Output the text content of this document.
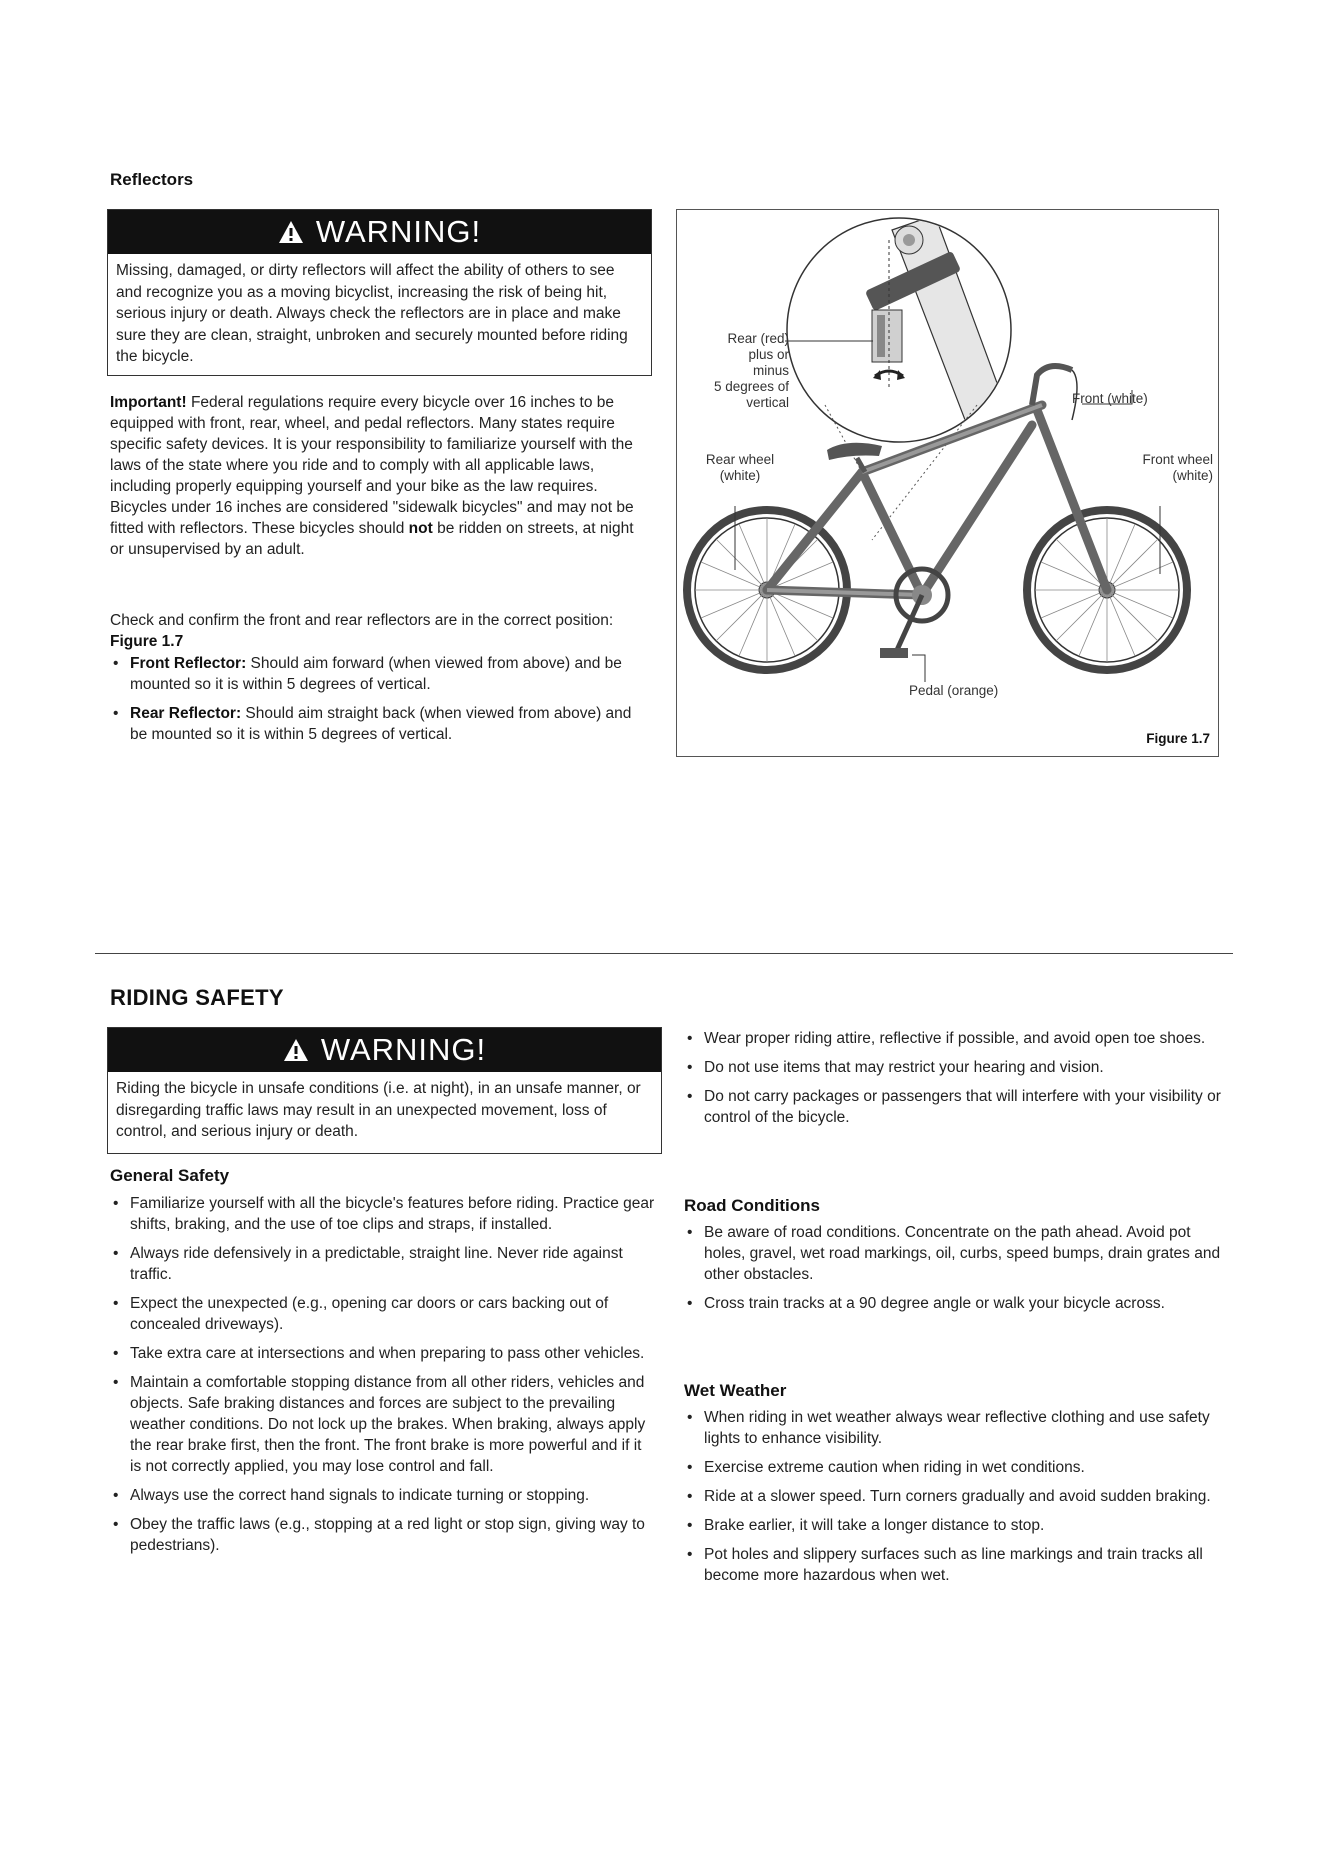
Reflectors
WARNING!
Missing, damaged, or dirty reflectors will affect the ability of others to see and recognize you as a moving bicyclist, increasing the risk of being hit, serious injury or death. Always check the reflectors are in place and make sure they are clean, straight, unbroken and securely mounted before riding the bicycle.
Important! Federal regulations require every bicycle over 16 inches to be equipped with front, rear, wheel, and pedal reflectors. Many states require specific safety devices. It is your responsibility to familiarize yourself with the laws of the state where you ride and to comply with all applicable laws, including properly equipping yourself and your bike as the law requires. Bicycles under 16 inches are considered "sidewalk bicycles" and may not be fitted with reflectors. These bicycles should not be ridden on streets, at night or unsupervised by an adult.
Check and confirm the front and rear reflectors are in the correct position: Figure 1.7
• Front Reflector: Should aim forward (when viewed from above) and be mounted so it is within 5 degrees of vertical.
• Rear Reflector: Should aim straight back (when viewed from above) and be mounted so it is within 5 degrees of vertical.
Rear (red)
plus or minus
5 degrees of
vertical	Front (white)
Rear wheel
(white)
Front wheel
(white)
Pedal (orange)
Figure 1.7
RIDING SAFETY
WARNING!
Riding the bicycle in unsafe conditions (i.e. at night), in an unsafe manner, or disregarding traffic laws may result in an unexpected movement, loss of control, and serious injury or death.
General Safety
• Familiarize yourself with all the bicycle's features before riding. Practice gear shifts, braking, and the use of toe clips and straps, if installed.
• Always ride defensively in a predictable, straight line. Never ride against traffic.
• Expect the unexpected (e.g., opening car doors or cars backing out of concealed driveways).
• Take extra care at intersections and when preparing to pass other vehicles.
• Maintain a comfortable stopping distance from all other riders, vehicles and objects. Safe braking distances and forces are subject to the prevailing weather conditions. Do not lock up the brakes. When braking, always apply the rear brake first, then the front. The front brake is more powerful and if it is not correctly applied, you may lose control and fall.
• Always use the correct hand signals to indicate turning or stopping.
• Obey the traffic laws (e.g., stopping at a red light or stop sign, giving way to pedestrians).
• Wear proper riding attire, reflective if possible, and avoid open toe shoes.
• Do not use items that may restrict your hearing and vision.
• Do not carry packages or passengers that will interfere with your visibility or control of the bicycle.
Road Conditions
• Be aware of road conditions. Concentrate on the path ahead. Avoid pot holes, gravel, wet road markings, oil, curbs, speed bumps, drain grates and other obstacles.
• Cross train tracks at a 90 degree angle or walk your bicycle across.
Wet Weather
• When riding in wet weather always wear reflective clothing and use safety lights to enhance visibility.
• Exercise extreme caution when riding in wet conditions.
• Ride at a slower speed. Turn corners gradually and avoid sudden braking.
• Brake earlier, it will take a longer distance to stop.
• Pot holes and slippery surfaces such as line markings and train tracks all become more hazardous when wet.
